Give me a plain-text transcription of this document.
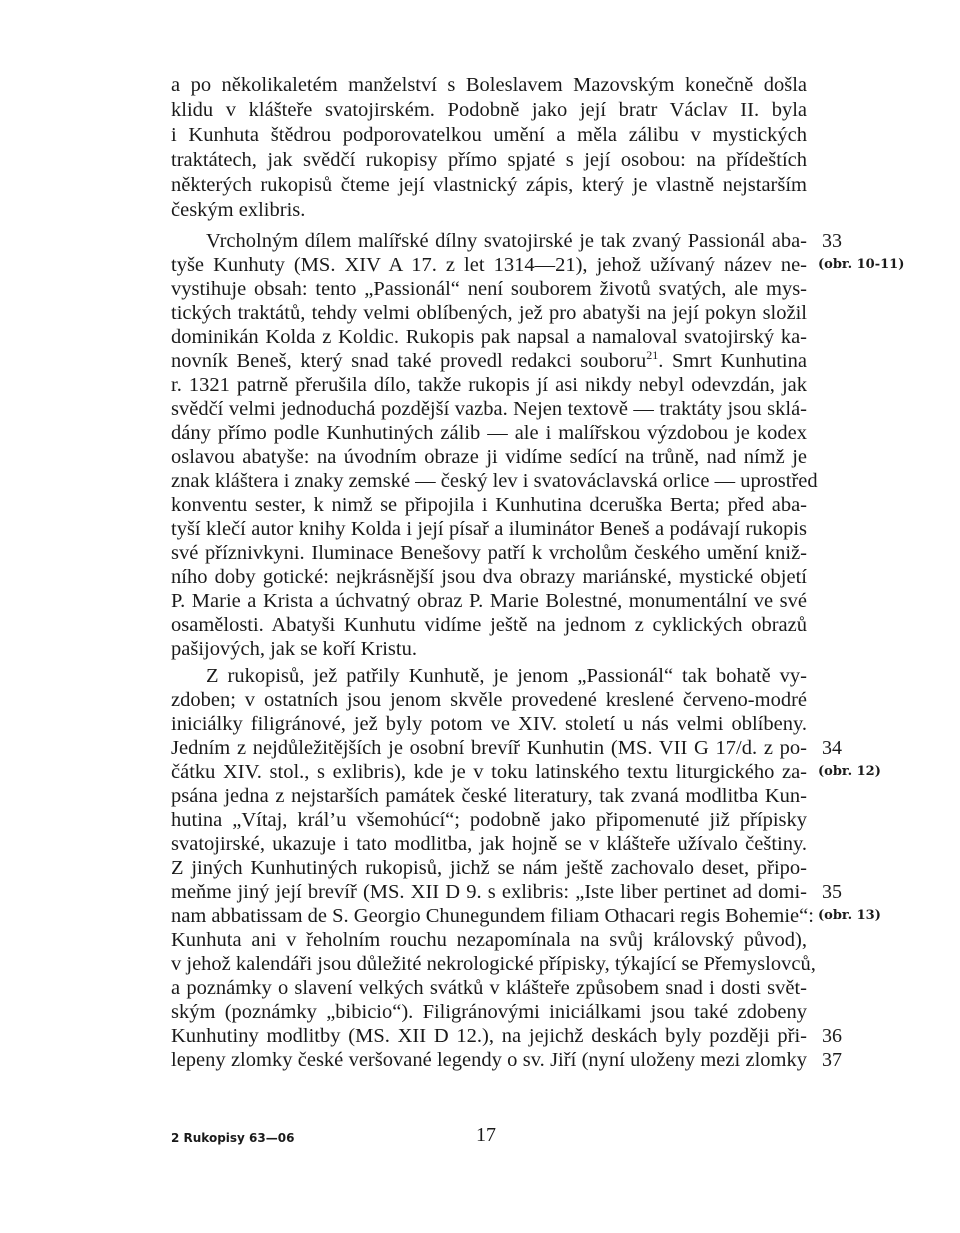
a po několikaletém manželství s Boleslavem Mazovským konečně došla
klidu v klášteře svatojirském. Podobně jako její bratr Václav II. byla
i Kunhuta štědrou podporovatelkou umění a měla zálibu v mystických
traktátech, jak svědčí rukopisy přímo spjaté s její osobou: na přídeštích
některých rukopisů čteme její vlastnický zápis, který je vlastně nejstarším
českým exlibris.
Vrcholným dílem malířské dílny svatojirské je tak zvaný Passionál aba-
tyše Kunhuty (MS. XIV A 17. z let 1314—21), jehož užívaný název ne-
vystihuje obsah: tento „Passionál“ není souborem životů svatých, ale mys-
tických traktátů, tehdy velmi oblíbených, jež pro abatyši na její pokyn složil
dominikán Kolda z Koldic. Rukopis pak napsal a namaloval svatojirský ka-
novník Beneš, který snad také provedl redakci souboru$^{21}$. Smrt Kunhutina
r. 1321 patrně přerušila dílo, takže rukopis jí asi nikdy nebyl odevzdán, jak
svědčí velmi jednoduchá pozdější vazba. Nejen textově — traktáty jsou sklá-
dány přímo podle Kunhutiných zálib — ale i malířskou výzdobou je kodex
oslavou abatyše: na úvodním obraze ji vidíme sedící na trůně, nad nímž je
znak kláštera i znaky zemské — český lev i svatováclavská orlice — uprostřed
konventu sester, k nimž se připojila i Kunhutina dceruška Berta; před aba-
tyší klečí autor knihy Kolda i její písař a iluminátor Beneš a podávají rukopis
své příznivkyni. Iluminace Benešovy patří k vrcholům českého umění kniž-
ního doby gotické: nejkrásnější jsou dva obrazy mariánské, mystické objetí
P. Marie a Krista a úchvatný obraz P. Marie Bolestné, monumentální ve své
osamělosti. Abatyši Kunhutu vidíme ještě na jednom z cyklických obrazů
pašijových, jak se koří Kristu.
Z rukopisů, jež patřily Kunhutě, je jenom „Passionál“ tak bohatě vy-
zdoben; v ostatních jsou jenom skvěle provedené kreslené červeno-modré
iniciálky filigránové, jež byly potom ve XIV. století u nás velmi oblíbeny.
Jedním z nejdůležitějších je osobní brevíř Kunhutin (MS. VII G 17/d. z po-
čátku XIV. stol., s exlibris), kde je v toku latinského textu liturgického za-
psána jedna z nejstarších památek české literatury, tak zvaná modlitba Kun-
hutina „Vítaj, král’u všemohúcí“; podobně jako připomenuté již přípisky
svatojirské, ukazuje i tato modlitba, jak hojně se v klášteře užívalo češtiny.
Z jiných Kunhutiných rukopisů, jichž se nám ještě zachovalo deset, připo-
meňme jiný její brevíř (MS. XII D 9. s exlibris: „Iste liber pertinet ad domi-
nam abbatissam de S. Georgio Chunegundem filiam Othacari regis Bohemie“:
Kunhuta ani v řeholním rouchu nezapomínala na svůj královský původ),
v jehož kalendáři jsou důležité nekrologické přípisky, týkající se Přemyslovců,
a poznámky o slavení velkých svátků v klášteře způsobem snad i dosti svět-
ským (poznámky „bibicio“). Filigránovými iniciálkami jsou také zdobeny
Kunhutiny modlitby (MS. XII D 12.), na jejichž deskách byly později při-
lepeny zlomky české veršované legendy o sv. Jiří (nyní uloženy mezi zlomky
33
(obr. 10-11)
34
(obr. 12)
35
(obr. 13)
36
37
2 Rukopisy 63—06	17
